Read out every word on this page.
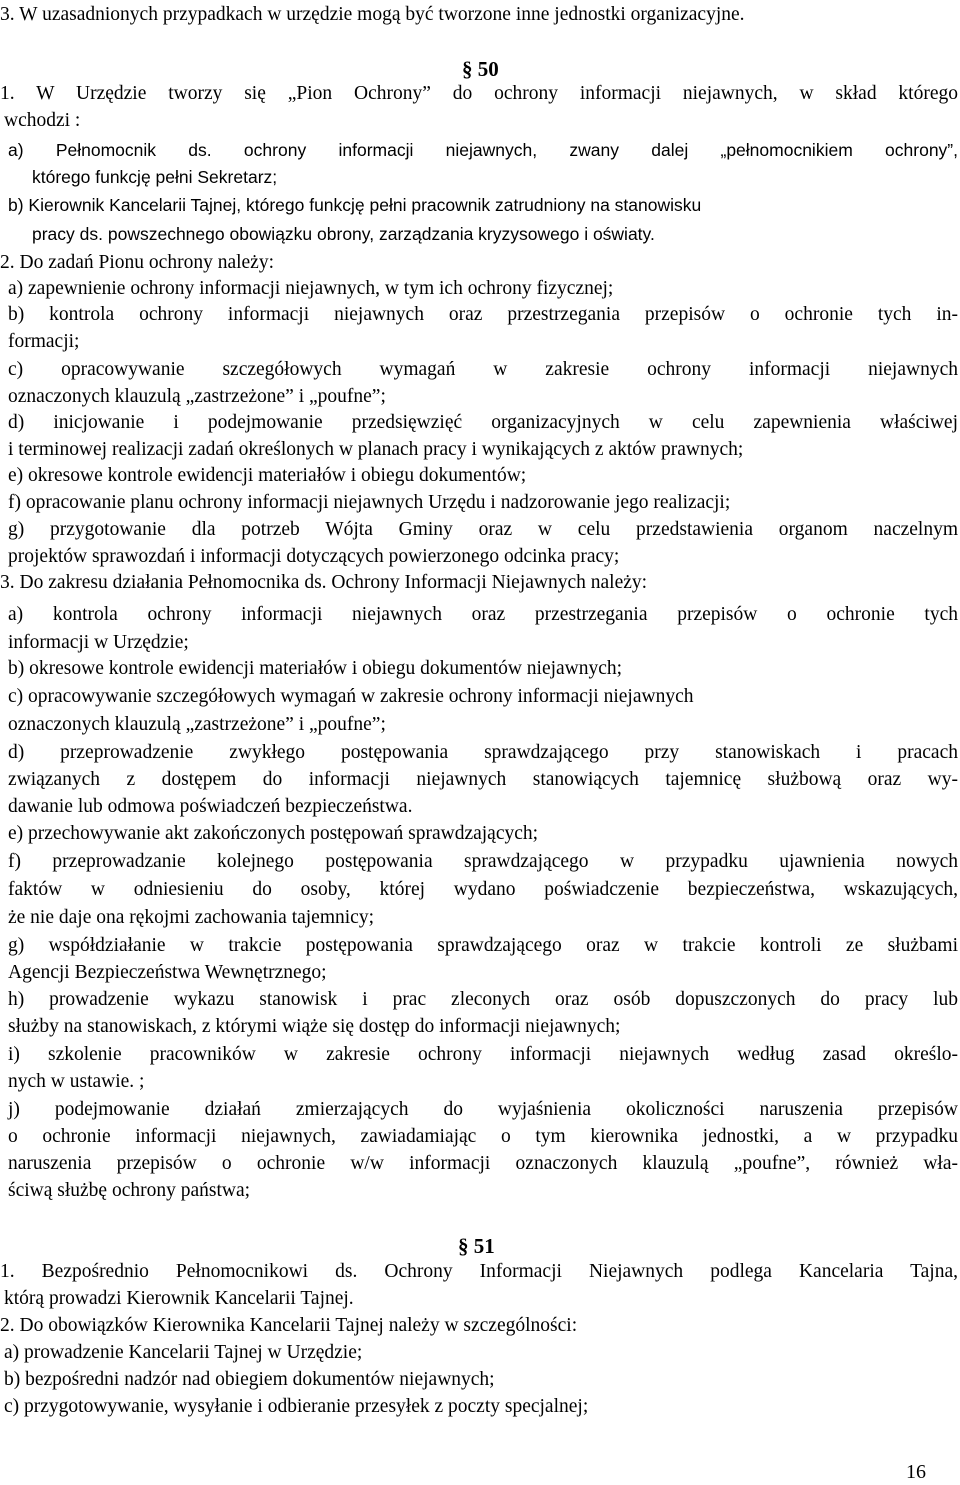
3. W uzasadnionych przypadkach w urzędzie mogą być tworzone inne jednostki organizacyjne.
§ 50
1. W Urzędzie tworzy się „Pion Ochrony” do ochrony informacji niejawnych, w skład którego
wchodzi :
a) Pełnomocnik ds. ochrony informacji niejawnych, zwany dalej „pełnomocnikiem ochrony”,
którego funkcję pełni Sekretarz;
b) Kierownik Kancelarii Tajnej, którego funkcję pełni pracownik zatrudniony na stanowisku
pracy ds. powszechnego obowiązku obrony, zarządzania kryzysowego i oświaty.
2. Do zadań Pionu ochrony należy:
a) zapewnienie ochrony informacji niejawnych, w tym ich ochrony fizycznej;
b) kontrola ochrony informacji niejawnych oraz przestrzegania przepisów o ochronie tych in-
formacji;
c) opracowywanie szczegółowych wymagań w zakresie ochrony informacji niejawnych
oznaczonych klauzulą „zastrzeżone” i „poufne”;
d) inicjowanie i podejmowanie przedsięwzięć organizacyjnych w celu zapewnienia właściwej
i terminowej realizacji zadań określonych w planach pracy i wynikających z aktów prawnych;
e) okresowe kontrole ewidencji materiałów i obiegu dokumentów;
f) opracowanie planu ochrony informacji niejawnych Urzędu i nadzorowanie jego realizacji;
g) przygotowanie dla potrzeb Wójta Gminy oraz w celu przedstawienia organom naczelnym
projektów sprawozdań i informacji dotyczących powierzonego odcinka pracy;
3. Do zakresu działania Pełnomocnika ds. Ochrony Informacji Niejawnych należy:
a) kontrola ochrony informacji niejawnych oraz przestrzegania przepisów o ochronie tych
informacji w Urzędzie;
b) okresowe kontrole ewidencji materiałów i obiegu dokumentów niejawnych;
c) opracowywanie szczegółowych wymagań w zakresie ochrony informacji niejawnych
oznaczonych klauzulą „zastrzeżone” i „poufne”;
d) przeprowadzenie zwykłego postępowania sprawdzającego przy stanowiskach i pracach
związanych z dostępem do informacji niejawnych stanowiących tajemnicę służbową oraz wy-
dawanie lub odmowa poświadczeń bezpieczeństwa.
e) przechowywanie akt zakończonych postępowań sprawdzających;
f) przeprowadzanie kolejnego postępowania sprawdzającego w przypadku ujawnienia nowych
faktów w odniesieniu do osoby, której wydano poświadczenie bezpieczeństwa, wskazujących,
że nie daje ona rękojmi zachowania tajemnicy;
g) współdziałanie w trakcie postępowania sprawdzającego oraz w trakcie kontroli ze służbami
Agencji Bezpieczeństwa Wewnętrznego;
h) prowadzenie wykazu stanowisk i prac zleconych oraz osób dopuszczonych do pracy lub
służby na stanowiskach, z którymi wiąże się dostęp do informacji niejawnych;
i) szkolenie pracowników w zakresie ochrony informacji niejawnych według zasad określo-
nych w ustawie. ;
j) podejmowanie działań zmierzających do wyjaśnienia okoliczności naruszenia przepisów
o ochronie informacji niejawnych, zawiadamiając o tym kierownika jednostki, a w przypadku
naruszenia przepisów o ochronie w/w informacji oznaczonych klauzulą „poufne”, również wła-
ściwą służbę ochrony państwa;
§ 51
1. Bezpośrednio Pełnomocnikowi ds. Ochrony Informacji Niejawnych podlega Kancelaria Tajna,
którą prowadzi Kierownik Kancelarii Tajnej.
2. Do obowiązków Kierownika Kancelarii Tajnej należy w szczególności:
a) prowadzenie Kancelarii Tajnej w Urzędzie;
b) bezpośredni nadzór nad obiegiem dokumentów niejawnych;
c) przygotowywanie, wysyłanie i odbieranie przesyłek z poczty specjalnej;
16
